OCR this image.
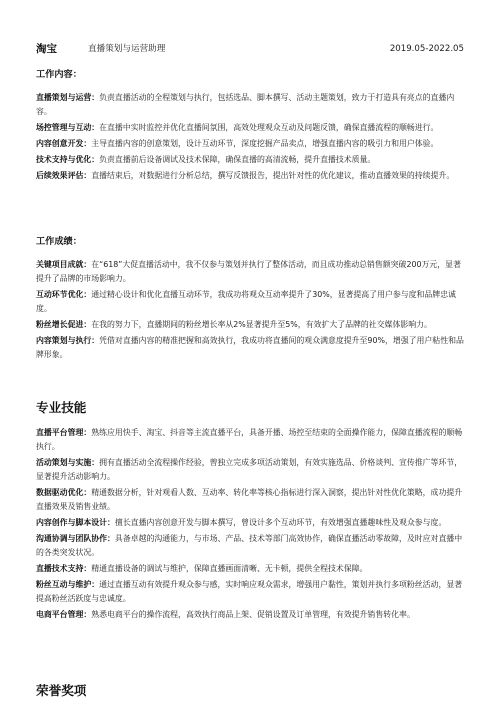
淘宝	直播策划与运营助理	2019.05-2022.05
工作内容：

直播策划与运营：负责直播活动的全程策划与执行，包括选品、脚本撰写、活动主题策划，致力于打造具有亮点的直播内容。

场控管理与互动：在直播中实时监控并优化直播间氛围，高效处理观众互动及问题反馈，确保直播流程的顺畅进行。

内容创意开发：主导直播内容的创意策划，设计互动环节，深度挖掘产品卖点，增强直播内容的吸引力和用户体验。

技术支持与优化：负责直播前后设备调试及技术保障，确保直播的高清流畅，提升直播技术质量。

后续效果评估：直播结束后，对数据进行分析总结，撰写反馈报告，提出针对性的优化建议，推动直播效果的持续提升。

工作成绩：

关键项目成就：在“618”大促直播活动中，我不仅参与策划并执行了整体活动，而且成功推动总销售额突破200万元，显著提升了品牌的市场影响力。

互动环节优化：通过精心设计和优化直播互动环节，我成功将观众互动率提升了30%，显著提高了用户参与度和品牌忠诚度。

粉丝增长促进：在我的努力下，直播期间的粉丝增长率从2%显著提升至5%，有效扩大了品牌的社交媒体影响力。

内容策划与执行：凭借对直播内容的精准把握和高效执行，我成功将直播间的观众满意度提升至90%，增强了用户粘性和品牌形象。

专业技能

直播平台管理：熟练应用快手、淘宝、抖音等主流直播平台，具备开播、场控至结束的全面操作能力，保障直播流程的顺畅执行。

活动策划与实施：拥有直播活动全流程操作经验，曾独立完成多项活动策划，有效实施选品、价格谈判、宣传推广等环节，显著提升活动影响力。

数据驱动优化：精通数据分析，针对观看人数、互动率、转化率等核心指标进行深入洞察，提出针对性优化策略，成功提升直播效果及销售业绩。

内容创作与脚本设计：擅长直播内容创意开发与脚本撰写，曾设计多个互动环节，有效增强直播趣味性及观众参与度。

沟通协调与团队协作：具备卓越的沟通能力，与市场、产品、技术等部门高效协作，确保直播活动零故障，及时应对直播中的各类突发状况。

直播技术支持：精通直播设备的调试与维护，保障直播画面清晰、无卡顿，提供全程技术保障。

粉丝互动与维护：通过直播互动有效提升观众参与感，实时响应观众需求，增强用户黏性，策划并执行多项粉丝活动，显著提高粉丝活跃度与忠诚度。

电商平台管理：熟悉电商平台的操作流程，高效执行商品上架、促销设置及订单管理，有效提升销售转化率。

荣誉奖项
